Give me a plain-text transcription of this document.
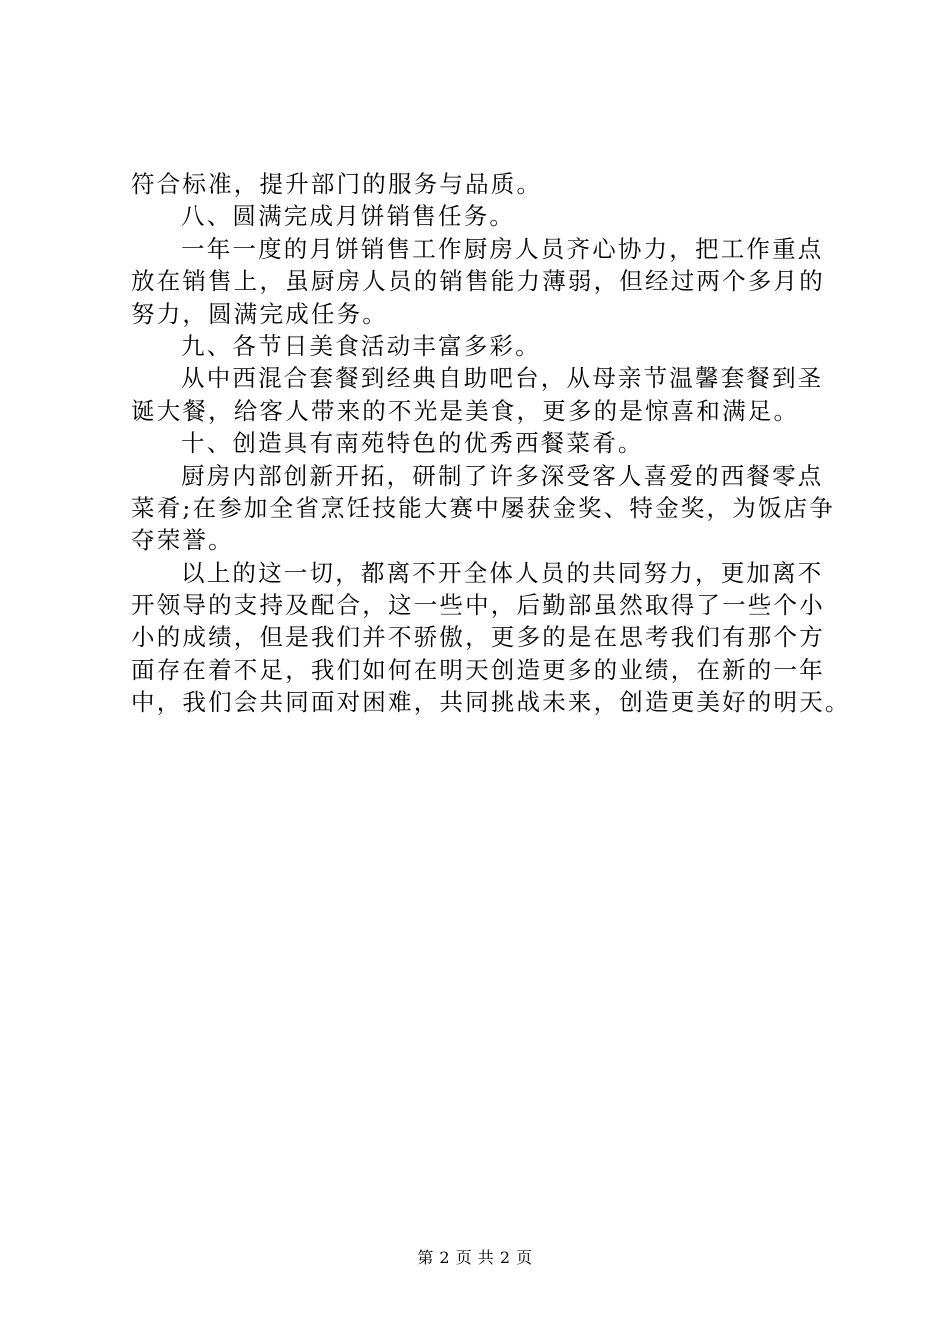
符合标准，提升部门的服务与品质。
八、圆满完成月饼销售任务。
一年一度的月饼销售工作厨房人员齐心协力，把工作重点
放在销售上，虽厨房人员的销售能力薄弱，但经过两个多月的
努力，圆满完成任务。
九、各节日美食活动丰富多彩。
从中西混合套餐到经典自助吧台，从母亲节温馨套餐到圣
诞大餐，给客人带来的不光是美食，更多的是惊喜和满足。
十、创造具有南苑特色的优秀西餐菜肴。
厨房内部创新开拓，研制了许多深受客人喜爱的西餐零点
菜肴;在参加全省烹饪技能大赛中屡获金奖、特金奖，为饭店争
夺荣誉。
以上的这一切，都离不开全体人员的共同努力，更加离不
开领导的支持及配合，这一些中，后勤部虽然取得了一些个小
小的成绩，但是我们并不骄傲，更多的是在思考我们有那个方
面存在着不足，我们如何在明天创造更多的业绩，在新的一年
中，我们会共同面对困难，共同挑战未来，创造更美好的明天。
第 2 页 共 2 页
